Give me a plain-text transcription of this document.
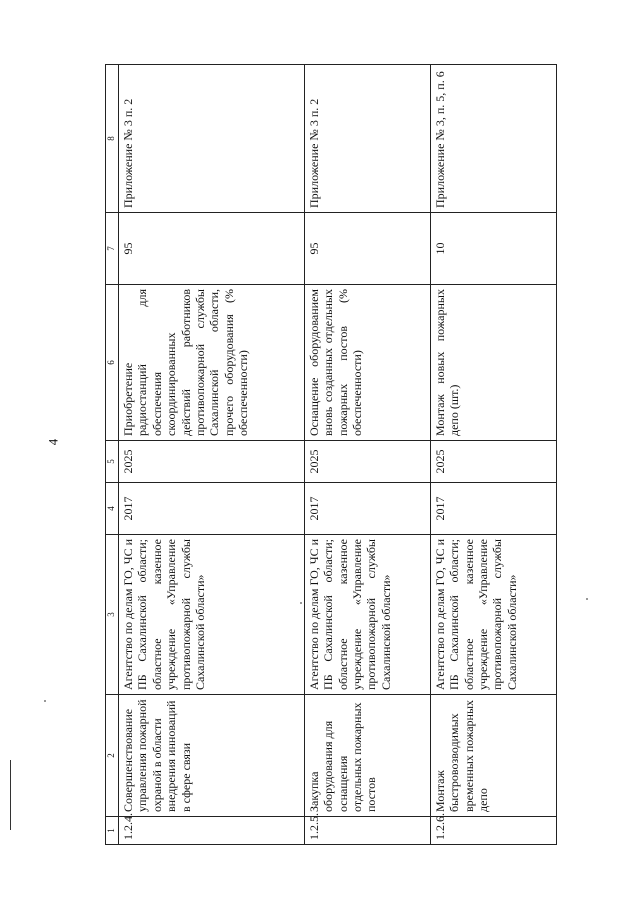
4
1	2	3	4	5	6	7	8
1.2.4.	Совершенствование управления пожарной охраной в области внедрения инноваций в сфере связи	Агентство по делам ГО, ЧС и ПБ Сахалинской области; областное казенное учреждение «Управление противопожарной службы Сахалинской области»	2017	2025	Приобретение радиостанций для обеспечения скоординированных действий работников противопожарной службы Сахалинской области, прочего оборудования (% обеспеченности)	95	Приложение № 3 п. 2
1.2.5.	Закупка оборудования для оснащения отдельных пожарных постов	Агентство по делам ГО, ЧС и ПБ Сахалинской области; областное казенное учреждение «Управление противопожарной службы Сахалинской области»	2017	2025	Оснащение оборудованием вновь созданных отдельных пожарных постов (% обеспеченности)	95	Приложение № 3 п. 2
1.2.6.	Монтаж быстровозводимых временных пожарных депо	Агентство по делам ГО, ЧС и ПБ Сахалинской области; областное казенное учреждение «Управление противопожарной службы Сахалинской области»	2017	2025	Монтаж новых пожарных депо (шт.)	10	Приложение № 3, п. 5, п. 6
